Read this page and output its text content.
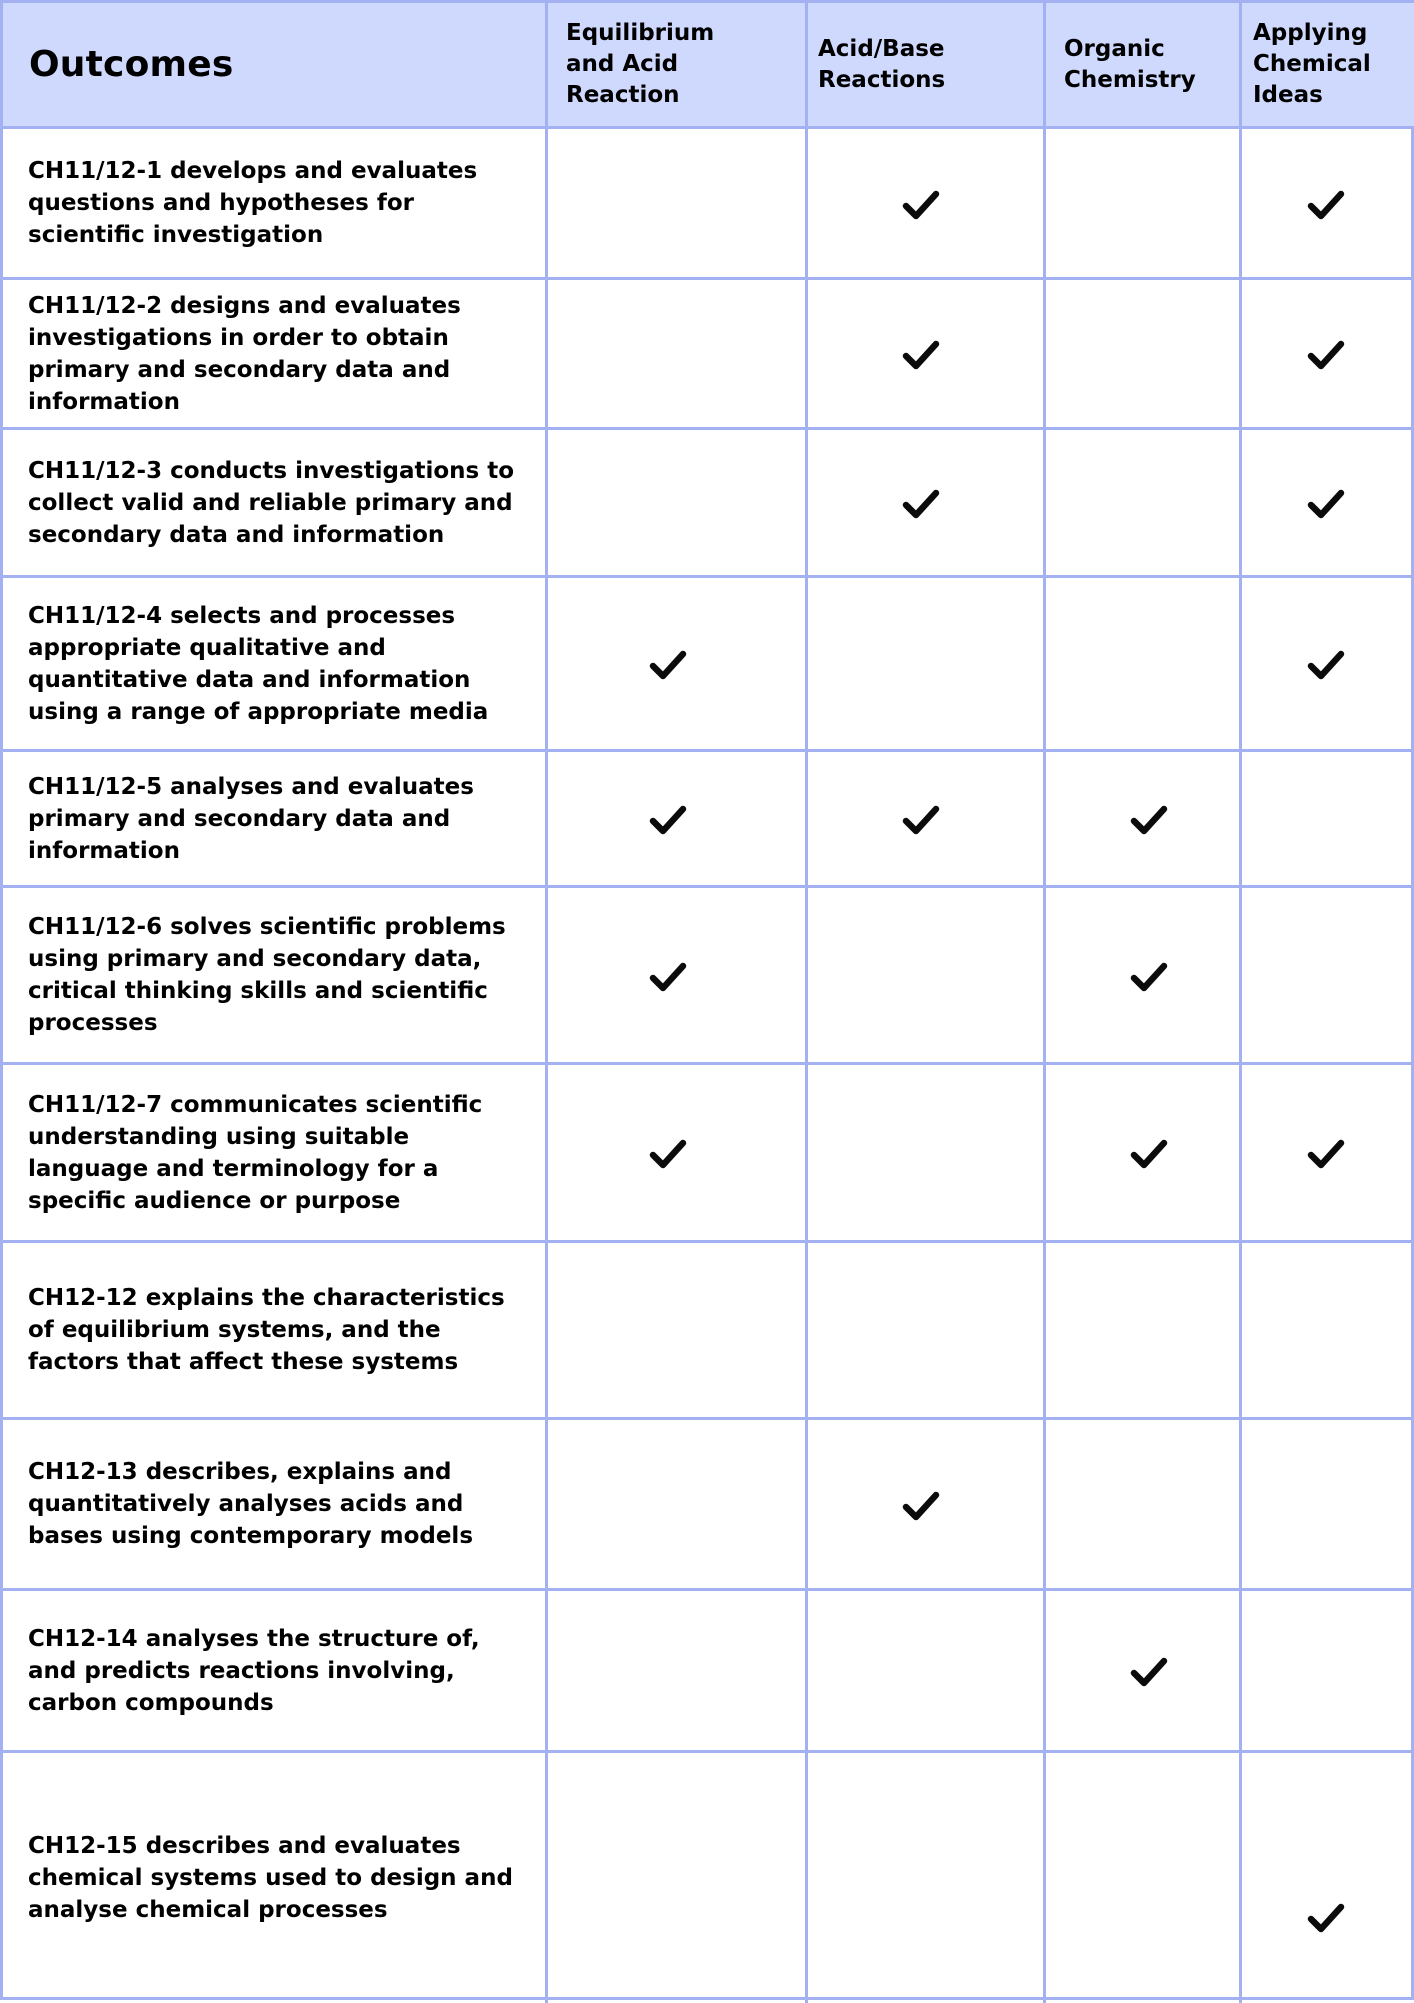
Outcomes
Equilibrium and Acid Reaction
Acid/Base Reactions
Organic Chemistry
Applying Chemical Ideas
CH11/12-1 develops and evaluates questions and hypotheses for scientific investigation
CH11/12-2 designs and evaluates investigations in order to obtain primary and secondary data and information
CH11/12-3 conducts investigations to collect valid and reliable primary and secondary data and information
CH11/12-4 selects and processes appropriate qualitative and quantitative data and information using a range of appropriate media
CH11/12-5 analyses and evaluates primary and secondary data and information
CH11/12-6 solves scientific problems using primary and secondary data, critical thinking skills and scientific processes
CH11/12-7 communicates scientific understanding using suitable language and terminology for a specific audience or purpose
CH12-12 explains the characteristics of equilibrium systems, and the factors that affect these systems
CH12-13 describes, explains and quantitatively analyses acids and bases using contemporary models
CH12-14 analyses the structure of, and predicts reactions involving, carbon compounds
CH12-15 describes and evaluates chemical systems used to design and analyse chemical processes
